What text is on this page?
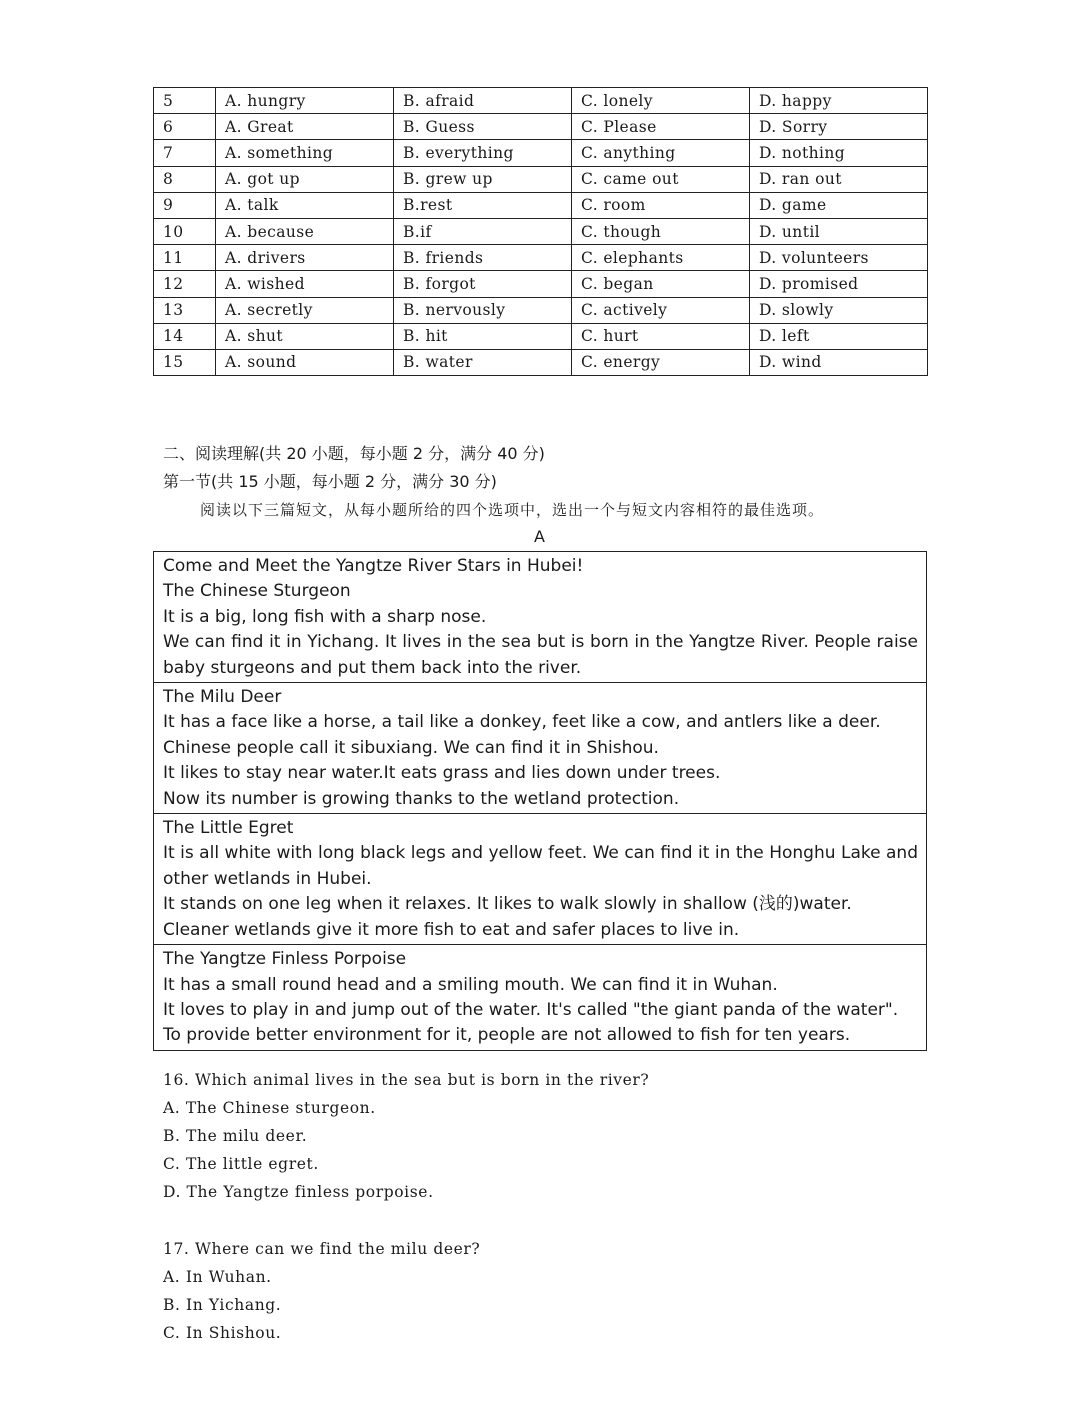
5	A. hungry	B. afraid	C. lonely	D. happy
6	A. Great	B. Guess	C. Please	D. Sorry
7	A. something	B. everything	C. anything	D. nothing
8	A. got up	B. grew up	C. came out	D. ran out
9	A. talk	B.rest	C. room	D. game
10	A. because	B.if	C. though	D. until
11	A. drivers	B. friends	C. elephants	D. volunteers
12	A. wished	B. forgot	C. began	D. promised
13	A. secretly	B. nervously	C. actively	D. slowly
14	A. shut	B. hit	C. hurt	D. left
15	A. sound	B. water	C. energy	D. wind
二、阅读理解(共 20 小题，每小题 2 分，满分 40 分)
第一节(共 15 小题，每小题 2 分，满分 30 分)
阅读以下三篇短文，从每小题所给的四个选项中，选出一个与短文内容相符的最佳选项。
A
Come and Meet the Yangtze River Stars in Hubei!
The Chinese Sturgeon
It is a big, long fish with a sharp nose.
We can find it in Yichang. It lives in the sea but is born in the Yangtze River. People raise baby sturgeons and put them back into the river.
The Milu Deer
It has a face like a horse, a tail like a donkey, feet like a cow, and antlers like a deer.
Chinese people call it sibuxiang. We can find it in Shishou.
It likes to stay near water.It eats grass and lies down under trees.
Now its number is growing thanks to the wetland protection.
The Little Egret
It is all white with long black legs and yellow feet. We can find it in the Honghu Lake and other wetlands in Hubei.
It stands on one leg when it relaxes. It likes to walk slowly in shallow (浅的)water.
Cleaner wetlands give it more fish to eat and safer places to live in.
The Yangtze Finless Porpoise
It has a small round head and a smiling mouth. We can find it in Wuhan.
It loves to play in and jump out of the water. It's called "the giant panda of the water".
To provide better environment for it, people are not allowed to fish for ten years.
16. Which animal lives in the sea but is born in the river?
A. The Chinese sturgeon.
B. The milu deer.
C. The little egret.
D. The Yangtze finless porpoise.
17. Where can we find the milu deer?
A. In Wuhan.
B. In Yichang.
C. In Shishou.
